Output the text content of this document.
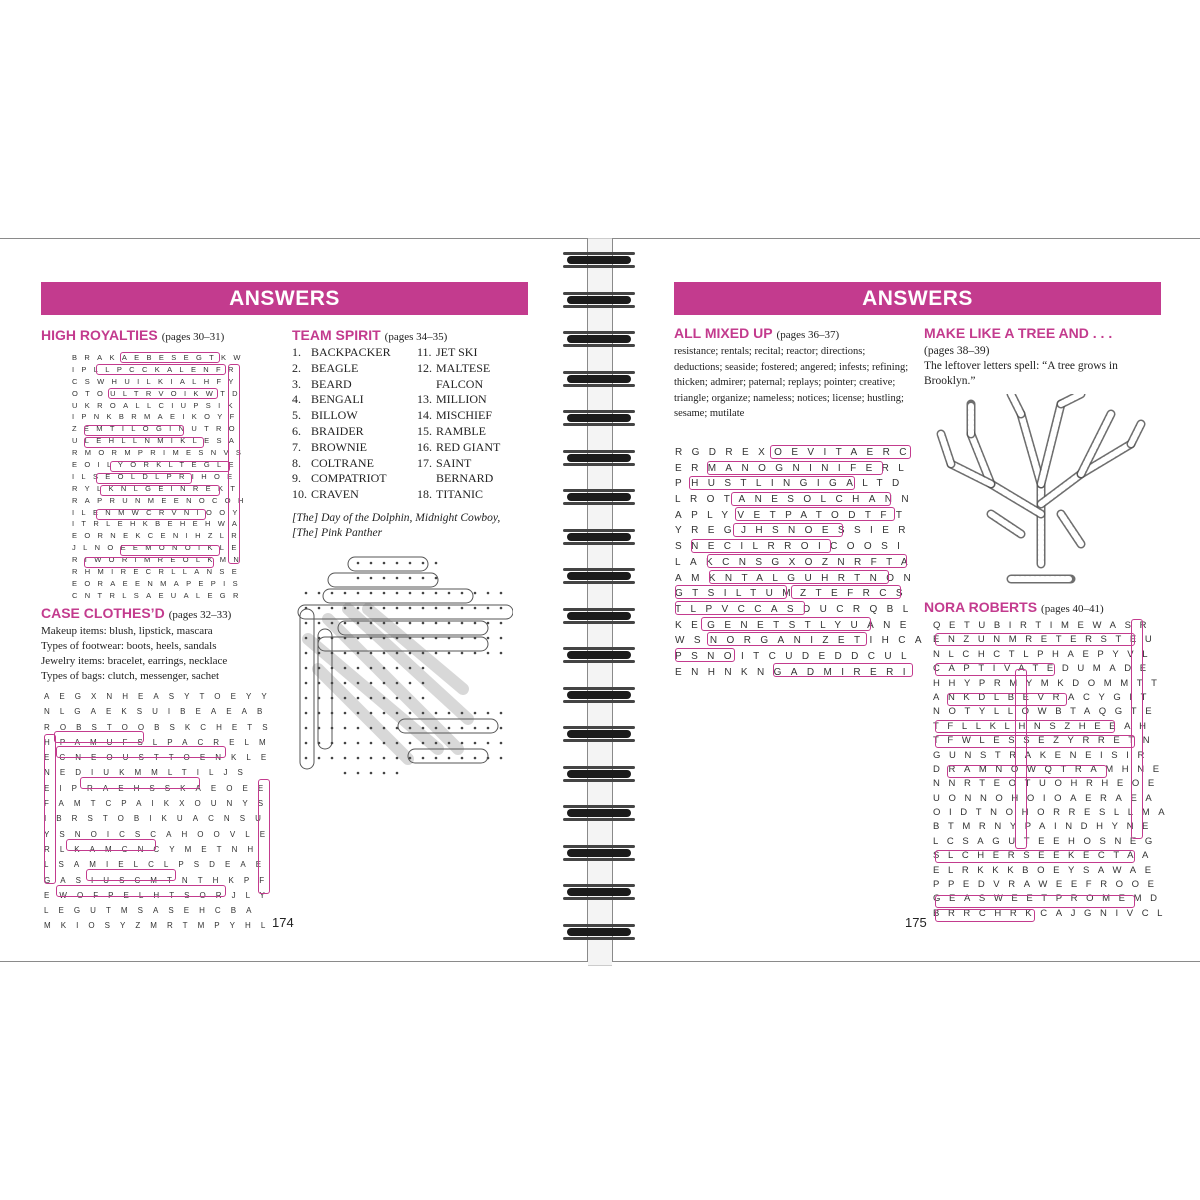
ANSWERS
HIGH ROYALTIES (pages 30–31)
BRAKAEBESEGTKW
IPLLPCCKALENFR
CSWHUILKIALHFY
OTOULTRVOIKWTD
UKROALLCIUPSIK
IPNKBRMAEIKOYF
ZEMTILOGINUTRO
ULEHLLNMIKLESA
RMORMPRIMESNVS
EOILYORKLTEGLE
ILSEOLDLPRIHOE
RYLKNLGEINREKT
RAPRUNMEENOCOH
ILENMWCRVNIOOY
ITRLEHKBEHEHWA
EORNEKCENIHZLR
JLNOEEMONOIKLE
RIWORIMREOLKMN
RHMIRECRLLANSE
EORAEENMAPEPIS
CNTRLSAEUALEGR
CASE CLOTHES’D (pages 32–33)
Makeup items: blush, lipstick, mascara
Types of footwear: boots, heels, sandals
Jewelry items: bracelet, earrings, necklace
Types of bags: clutch, messenger, sachet
AEGXNHEASYTOEYY
NLGAEKSUIBEAEAB
ROBSTOOBSKCHETS
HPAMUFSLPACRELM
ECNEOUSTTOENKLE
NEDIUKMMLTILJS
EIPRAEHSSKAEOEE
FAMTCPAIKXOUNYS
IBRSTOBIKUACNSU
YSNOICSCAHOOVLE
RLKAMCNCYMETNH
LSAMIELCLPSDEAE
GASIUSCMTNTHKPF
EWOFPELHTSORJLY
LEGUTMSASEHCBA
MKIOSYZMRTMPYHL
TEAM SPIRIT (pages 34–35)
1. BACKPACKER
2. BEAGLE
3. BEARD
4. BENGALI
5. BILLOW
6. BRAIDER
7. BROWNIE
8. COLTRANE
9. COMPATRIOT
10. CRAVEN
11. JET SKI
12. MALTESE
FALCON
13. MILLION
14. MISCHIEF
15. RAMBLE
16. RED GIANT
17. SAINT
BERNARD
18. TITANIC
[The] Day of the Dolphin, Midnight Cowboy, [The] Pink Panther
174
ANSWERS
ALL MIXED UP (pages 36–37)
resistance; rentals; recital; reactor; directions; deductions; seaside; fostered; angered; infests; refining; thicken; admirer; paternal; replays; pointer; creative; triangle; organize; nameless; notices; license; hustling; sesame; mutilate
RGDREXOEVITAERC
ERMANOGNINIFERL
PHUSTLINGIGALTD
LROTANESOLCHANN
APLYVETPATODTFT
YREGJHSNOESSIER
SNECILRROICOOSI
LAKCNSGXOZNRFTA
AMKNTALGUHRTNON
GTSILTUMZTEFRCS
TLPVCCASDUCRQBL
KEGENETSTLYUANE
WSNORGANIZETIHCA
PSNOITCUDEDDCUL
ENHNKNGADMIRERI
MAKE LIKE A TREE AND . . .
(pages 38–39)
The leftover letters spell: “A tree grows in Brooklyn.”
NORA ROBERTS (pages 40–41)
QETUBIRTIMEWASR
ENZUNMRETERSTEU
NLCHCTLPHAEPYVL
CAPTIVATEDUMADE
HHYPRMYMKDOMMTT
ANKDLBEVRACYGIT
NOTYLLOWBTAQGTE
TFLLKLHNSZHEEAH
TFWLESSEZYRRETN
GUNSTRAKENEISIR
DRAMNOWQTRAMHNE
NNRTEOTUOHRHEOE
UONNOHOIOAERAEA
OIDTNOHORRESLLMA
BTMRNYPAINDHYNE
LCSAGUTEEHOSNEG
SLCHERSEEKECTAA
ELRKKKBOEYSAWAE
PPEDVRAWEEFROOE
GEASWEETPROMEMD
BRRCHRKCAJGNIVCL
175
